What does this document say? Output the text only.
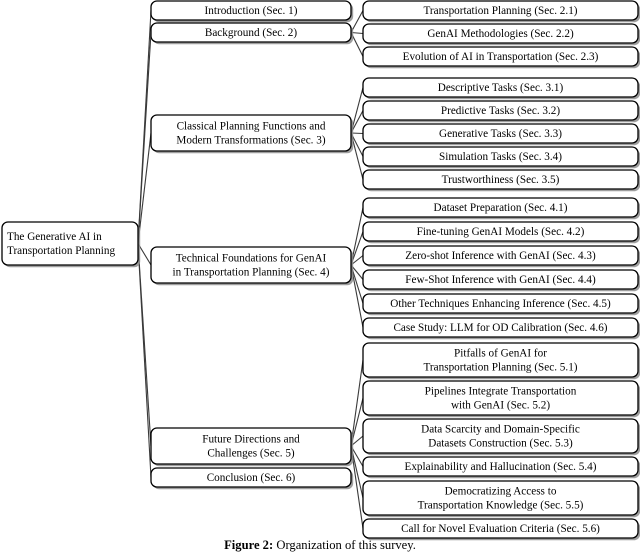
The Generative AI in
Transportation Planning
Introduction (Sec. 1)
Background (Sec. 2)
Classical Planning Functions and
Modern Transformations (Sec. 3)
Technical Foundations for GenAI
in Transportation Planning (Sec. 4)
Future Directions and
Challenges (Sec. 5)
Conclusion (Sec. 6)
Transportation Planning (Sec. 2.1)
GenAI Methodologies (Sec. 2.2)
Evolution of AI in Transportation (Sec. 2.3)
Descriptive Tasks (Sec. 3.1)
Predictive Tasks (Sec. 3.2)
Generative Tasks (Sec. 3.3)
Simulation Tasks (Sec. 3.4)
Trustworthiness (Sec. 3.5)
Dataset Preparation (Sec. 4.1)
Fine-tuning GenAI Models (Sec. 4.2)
Zero-shot Inference with GenAI (Sec. 4.3)
Few-Shot Inference with GenAI (Sec. 4.4)
Other Techniques Enhancing Inference (Sec. 4.5)
Case Study: LLM for OD Calibration (Sec. 4.6)
Pitfalls of GenAI for
Transportation Planning (Sec. 5.1)
Pipelines Integrate Transportation
with GenAI (Sec. 5.2)
Data Scarcity and Domain-Specific
Datasets Construction (Sec. 5.3)
Explainability and Hallucination (Sec. 5.4)
Democratizing Access to
Transportation Knowledge (Sec. 5.5)
Call for Novel Evaluation Criteria (Sec. 5.6)
Figure 2: Organization of this survey.
